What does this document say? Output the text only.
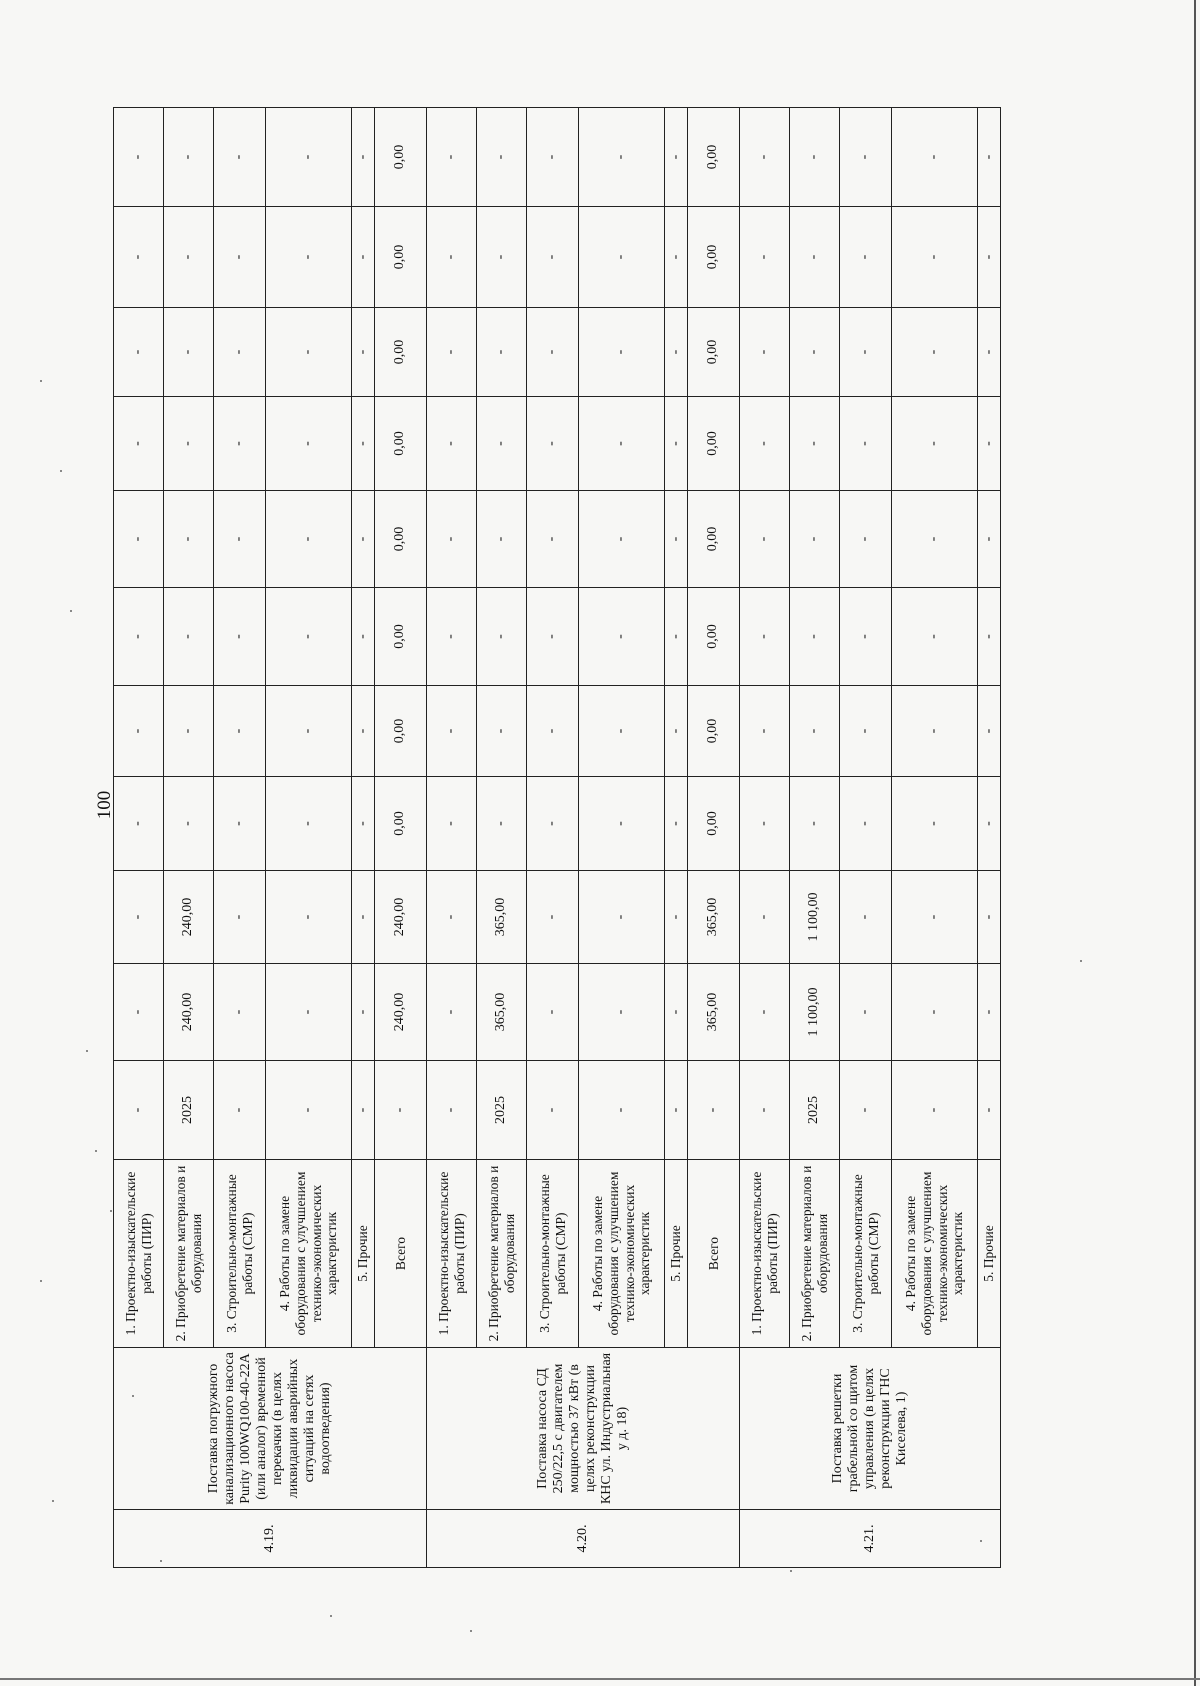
100
4.19.	Поставка погружного канализационного насоса Purity 100WQ100-40-22A (или аналог) временной перекачки (в целях ликвидации аварийных ситуаций на сетях водоотведения)	1. Проектно-изыскательские работы (ПИР)	-	-	-	-	-	-	-	-	-	-	-
		2. Приобретение материалов и оборудования	2025	240,00	240,00	-	-	-	-	-	-	-	-
		3. Строительно-монтажные работы (СМР)	-	-	-	-	-	-	-	-	-	-	-
		4. Работы по замене оборудования с улучшением технико-экономических характеристик	-	-	-	-	-	-	-	-	-	-	-
		5. Прочие	-	-	-	-	-	-	-	-	-	-	-
		Всего	-	240,00	240,00	0,00	0,00	0,00	0,00	0,00	0,00	0,00	0,00
4.20.	Поставка насоса СД 250/22,5 с двигателем мощностью 37 кВт (в целях реконструкции КНС ул. Индустриальная у д. 18)	1. Проектно-изыскательские работы (ПИР)	-	-	-	-	-	-	-	-	-	-	-
		2. Приобретение материалов и оборудования	2025	365,00	365,00	-	-	-	-	-	-	-	-
		3. Строительно-монтажные работы (СМР)	-	-	-	-	-	-	-	-	-	-	-
		4. Работы по замене оборудования с улучшением технико-экономических характеристик	-	-	-	-	-	-	-	-	-	-	-
		5. Прочие	-	-	-	-	-	-	-	-	-	-	-
		Всего	-	365,00	365,00	0,00	0,00	0,00	0,00	0,00	0,00	0,00	0,00
4.21.	Поставка решетки грабельной со щитом управления (в целях реконструкции ГНС Киселева, 1)	1. Проектно-изыскательские работы (ПИР)	-	-	-	-	-	-	-	-	-	-	-
		2. Приобретение материалов и оборудования	2025	1 100,00	1 100,00	-	-	-	-	-	-	-	-
		3. Строительно-монтажные работы (СМР)	-	-	-	-	-	-	-	-	-	-	-
		4. Работы по замене оборудования с улучшением технико-экономических характеристик	-	-	-	-	-	-	-	-	-	-	-
		5. Прочие	-	-	-	-	-	-	-	-	-	-	-
